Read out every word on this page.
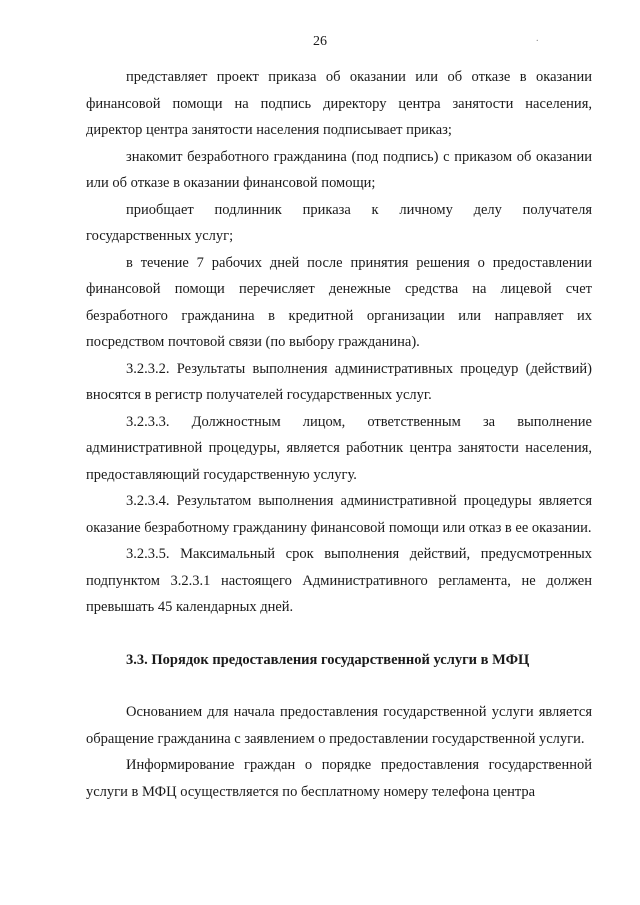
26	.

представляет проект приказа об оказании или об отказе в оказании финансовой помощи на подпись директору центра занятости населения, директор центра занятости населения подписывает приказ;

знакомит безработного гражданина (под подпись) с приказом об оказании или об отказе в оказании финансовой помощи;

приобщает подлинник приказа к личному делу получателя государственных услуг;

в течение 7 рабочих дней после принятия решения о предоставлении финансовой помощи перечисляет денежные средства на лицевой счет безработного гражданина в кредитной организации или направляет их посредством почтовой связи (по выбору гражданина).

3.2.3.2. Результаты выполнения административных процедур (действий) вносятся в регистр получателей государственных услуг.

3.2.3.3. Должностным лицом, ответственным за выполнение административной процедуры, является работник центра занятости населения, предоставляющий государственную услугу.

3.2.3.4. Результатом выполнения административной процедуры является оказание безработному гражданину финансовой помощи или отказ в ее оказании.

3.2.3.5. Максимальный срок выполнения действий, предусмотренных подпунктом 3.2.3.1 настоящего Административного регламента, не должен превышать 45 календарных дней.

3.3. Порядок предоставления государственной услуги в МФЦ

Основанием для начала предоставления государственной услуги является обращение гражданина с заявлением о предоставлении государственной услуги.

Информирование граждан о порядке предоставления государственной услуги в МФЦ осуществляется по бесплатному номеру телефона центра
